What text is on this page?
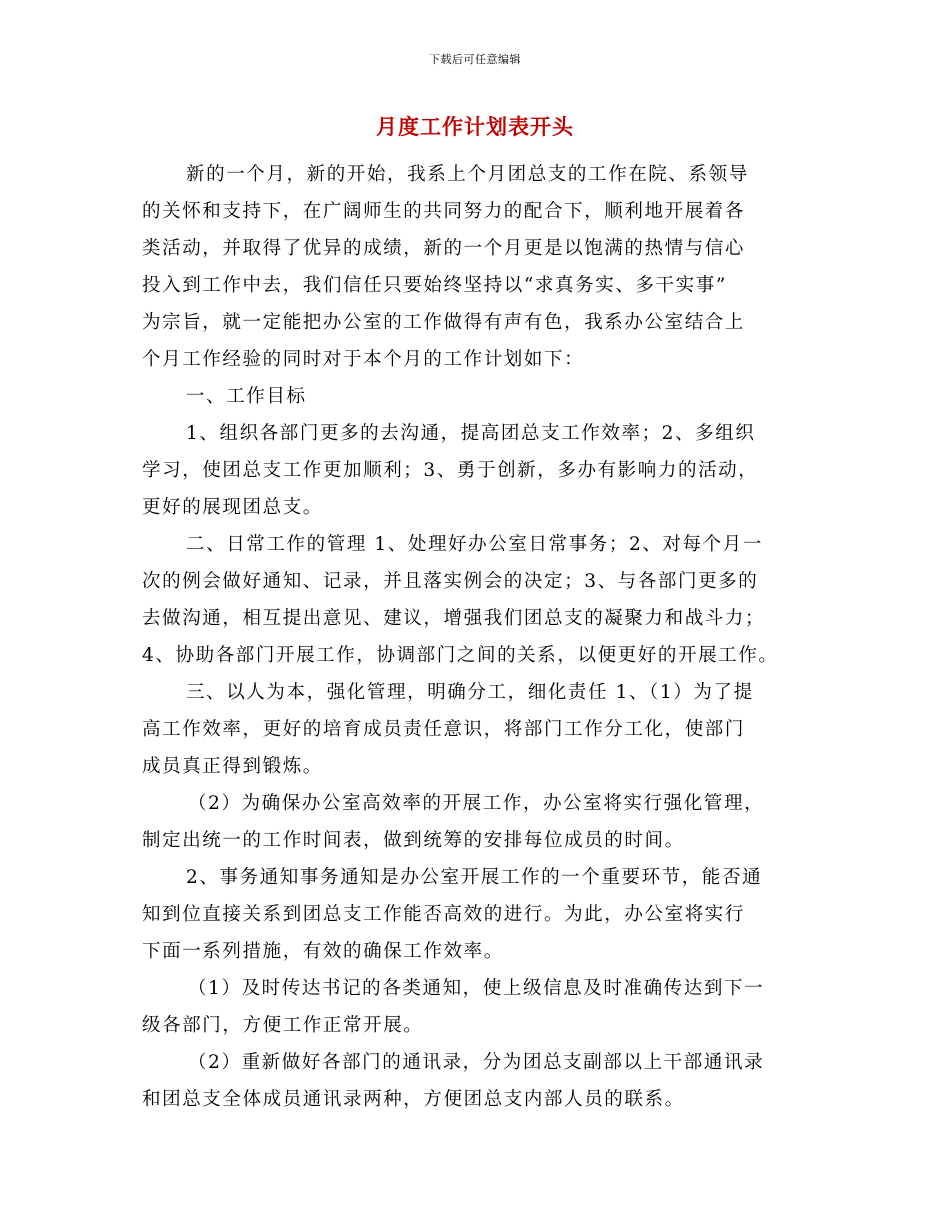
下载后可任意编辑
月度工作计划表开头
新的一个月，新的开始，我系上个月团总支的工作在院、系领导
的关怀和支持下，在广阔师生的共同努力的配合下，顺利地开展着各
类活动，并取得了优异的成绩，新的一个月更是以饱满的热情与信心
投入到工作中去，我们信任只要始终坚持以“求真务实、多干实事”
为宗旨，就一定能把办公室的工作做得有声有色，我系办公室结合上
个月工作经验的同时对于本个月的工作计划如下：
一、工作目标
1、组织各部门更多的去沟通，提高团总支工作效率；2、多组织
学习，使团总支工作更加顺利；3、勇于创新，多办有影响力的活动，
更好的展现团总支。
二、日常工作的管理 1、处理好办公室日常事务；2、对每个月一
次的例会做好通知、记录，并且落实例会的决定；3、与各部门更多的
去做沟通，相互提出意见、建议，增强我们团总支的凝聚力和战斗力；
4、协助各部门开展工作，协调部门之间的关系，以便更好的开展工作。
三、以人为本，强化管理，明确分工，细化责任 1、（1）为了提
高工作效率，更好的培育成员责任意识，将部门工作分工化，使部门
成员真正得到锻炼。
（2）为确保办公室高效率的开展工作，办公室将实行强化管理，
制定出统一的工作时间表，做到统筹的安排每位成员的时间。
2、事务通知事务通知是办公室开展工作的一个重要环节，能否通
知到位直接关系到团总支工作能否高效的进行。为此，办公室将实行
下面一系列措施，有效的确保工作效率。
（1）及时传达书记的各类通知，使上级信息及时准确传达到下一
级各部门，方便工作正常开展。
（2）重新做好各部门的通讯录，分为团总支副部以上干部通讯录
和团总支全体成员通讯录两种，方便团总支内部人员的联系。
